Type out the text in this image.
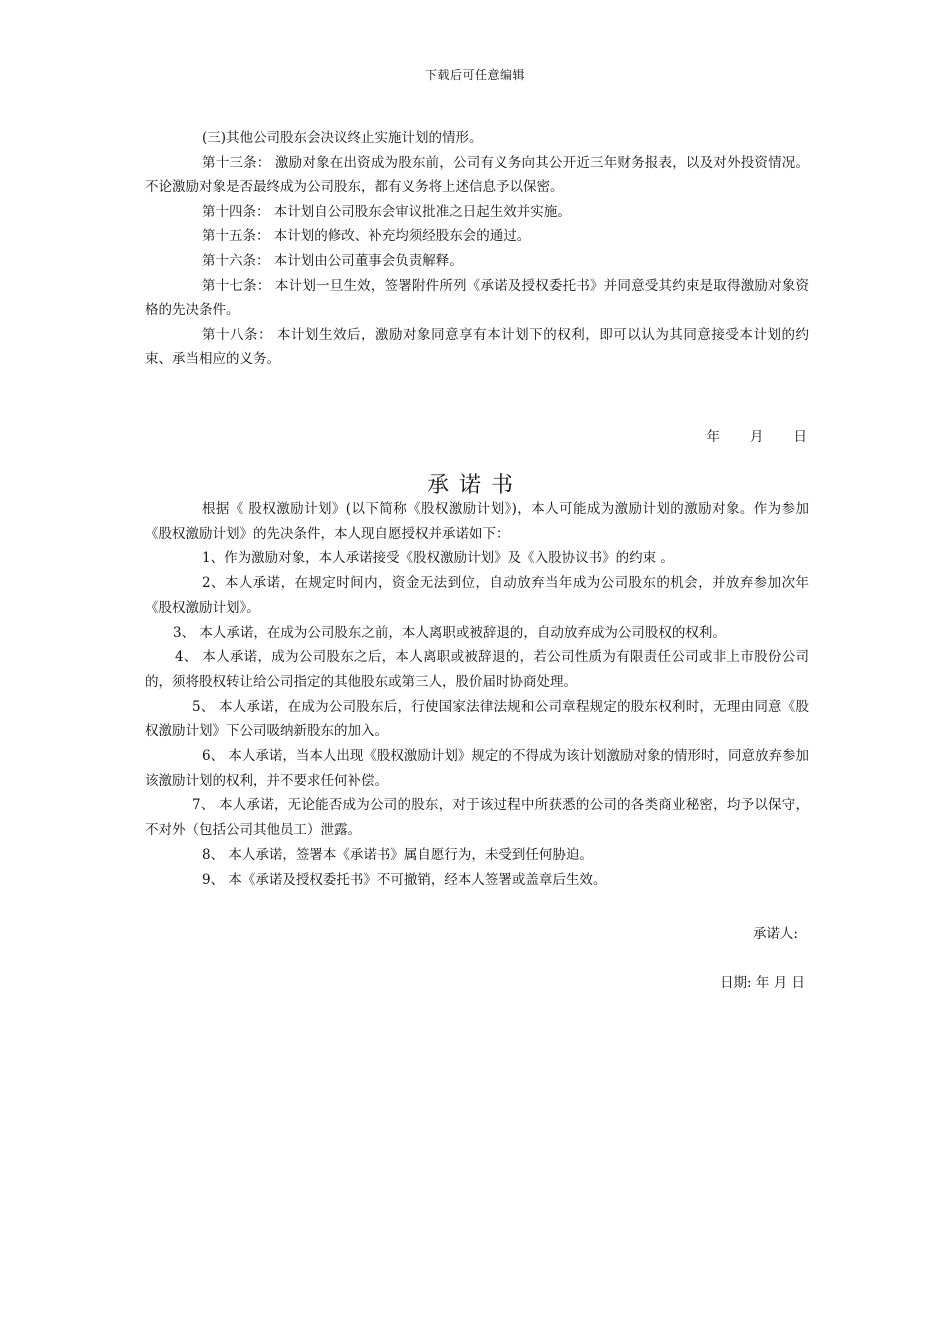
下载后可任意编辑

(三)其他公司股东会决议终止实施计划的情形。

第十三条： 激励对象在出资成为股东前，公司有义务向其公开近三年财务报表，以及对外投资情况。不论激励对象是否最终成为公司股东，都有义务将上述信息予以保密。

第十四条： 本计划自公司股东会审议批准之日起生效并实施。

第十五条： 本计划的修改、补充均须经股东会的通过。

第十六条： 本计划由公司董事会负责解释。

第十七条： 本计划一旦生效，签署附件所列《承诺及授权委托书》并同意受其约束是取得激励对象资格的先决条件。

第十八条： 本计划生效后，激励对象同意享有本计划下的权利，即可以认为其同意接受本计划的约束、承当相应的义务。

年 月 日
承诺书

根据《 股权激励计划》(以下简称《股权激励计划》)，本人可能成为激励计划的激励对象。作为参加《股权激励计划》的先决条件，本人现自愿授权并承诺如下：

1、作为激励对象，本人承诺接受《股权激励计划》及《入股协议书》的约束 。

2、本人承诺，在规定时间内，资金无法到位，自动放弃当年成为公司股东的机会，并放弃参加次年《股权激励计划》。

3、 本人承诺，在成为公司股东之前，本人离职或被辞退的，自动放弃成为公司股权的权利。

4、 本人承诺，成为公司股东之后，本人离职或被辞退的，若公司性质为有限责任公司或非上市股份公司的，须将股权转让给公司指定的其他股东或第三人，股价届时协商处理。

5、 本人承诺，在成为公司股东后，行使国家法律法规和公司章程规定的股东权利时，无理由同意《股权激励计划》下公司吸纳新股东的加入。

6、 本人承诺，当本人出现《股权激励计划》规定的不得成为该计划激励对象的情形时，同意放弃参加该激励计划的权利，并不要求任何补偿。

7、 本人承诺，无论能否成为公司的股东，对于该过程中所获悉的公司的各类商业秘密，均予以保守，不对外（包括公司其他员工）泄露。

8、 本人承诺，签署本《承诺书》属自愿行为，未受到任何胁迫。

9、 本《承诺及授权委托书》不可撤销，经本人签署或盖章后生效。

承诺人:
日期: 年 月 日
